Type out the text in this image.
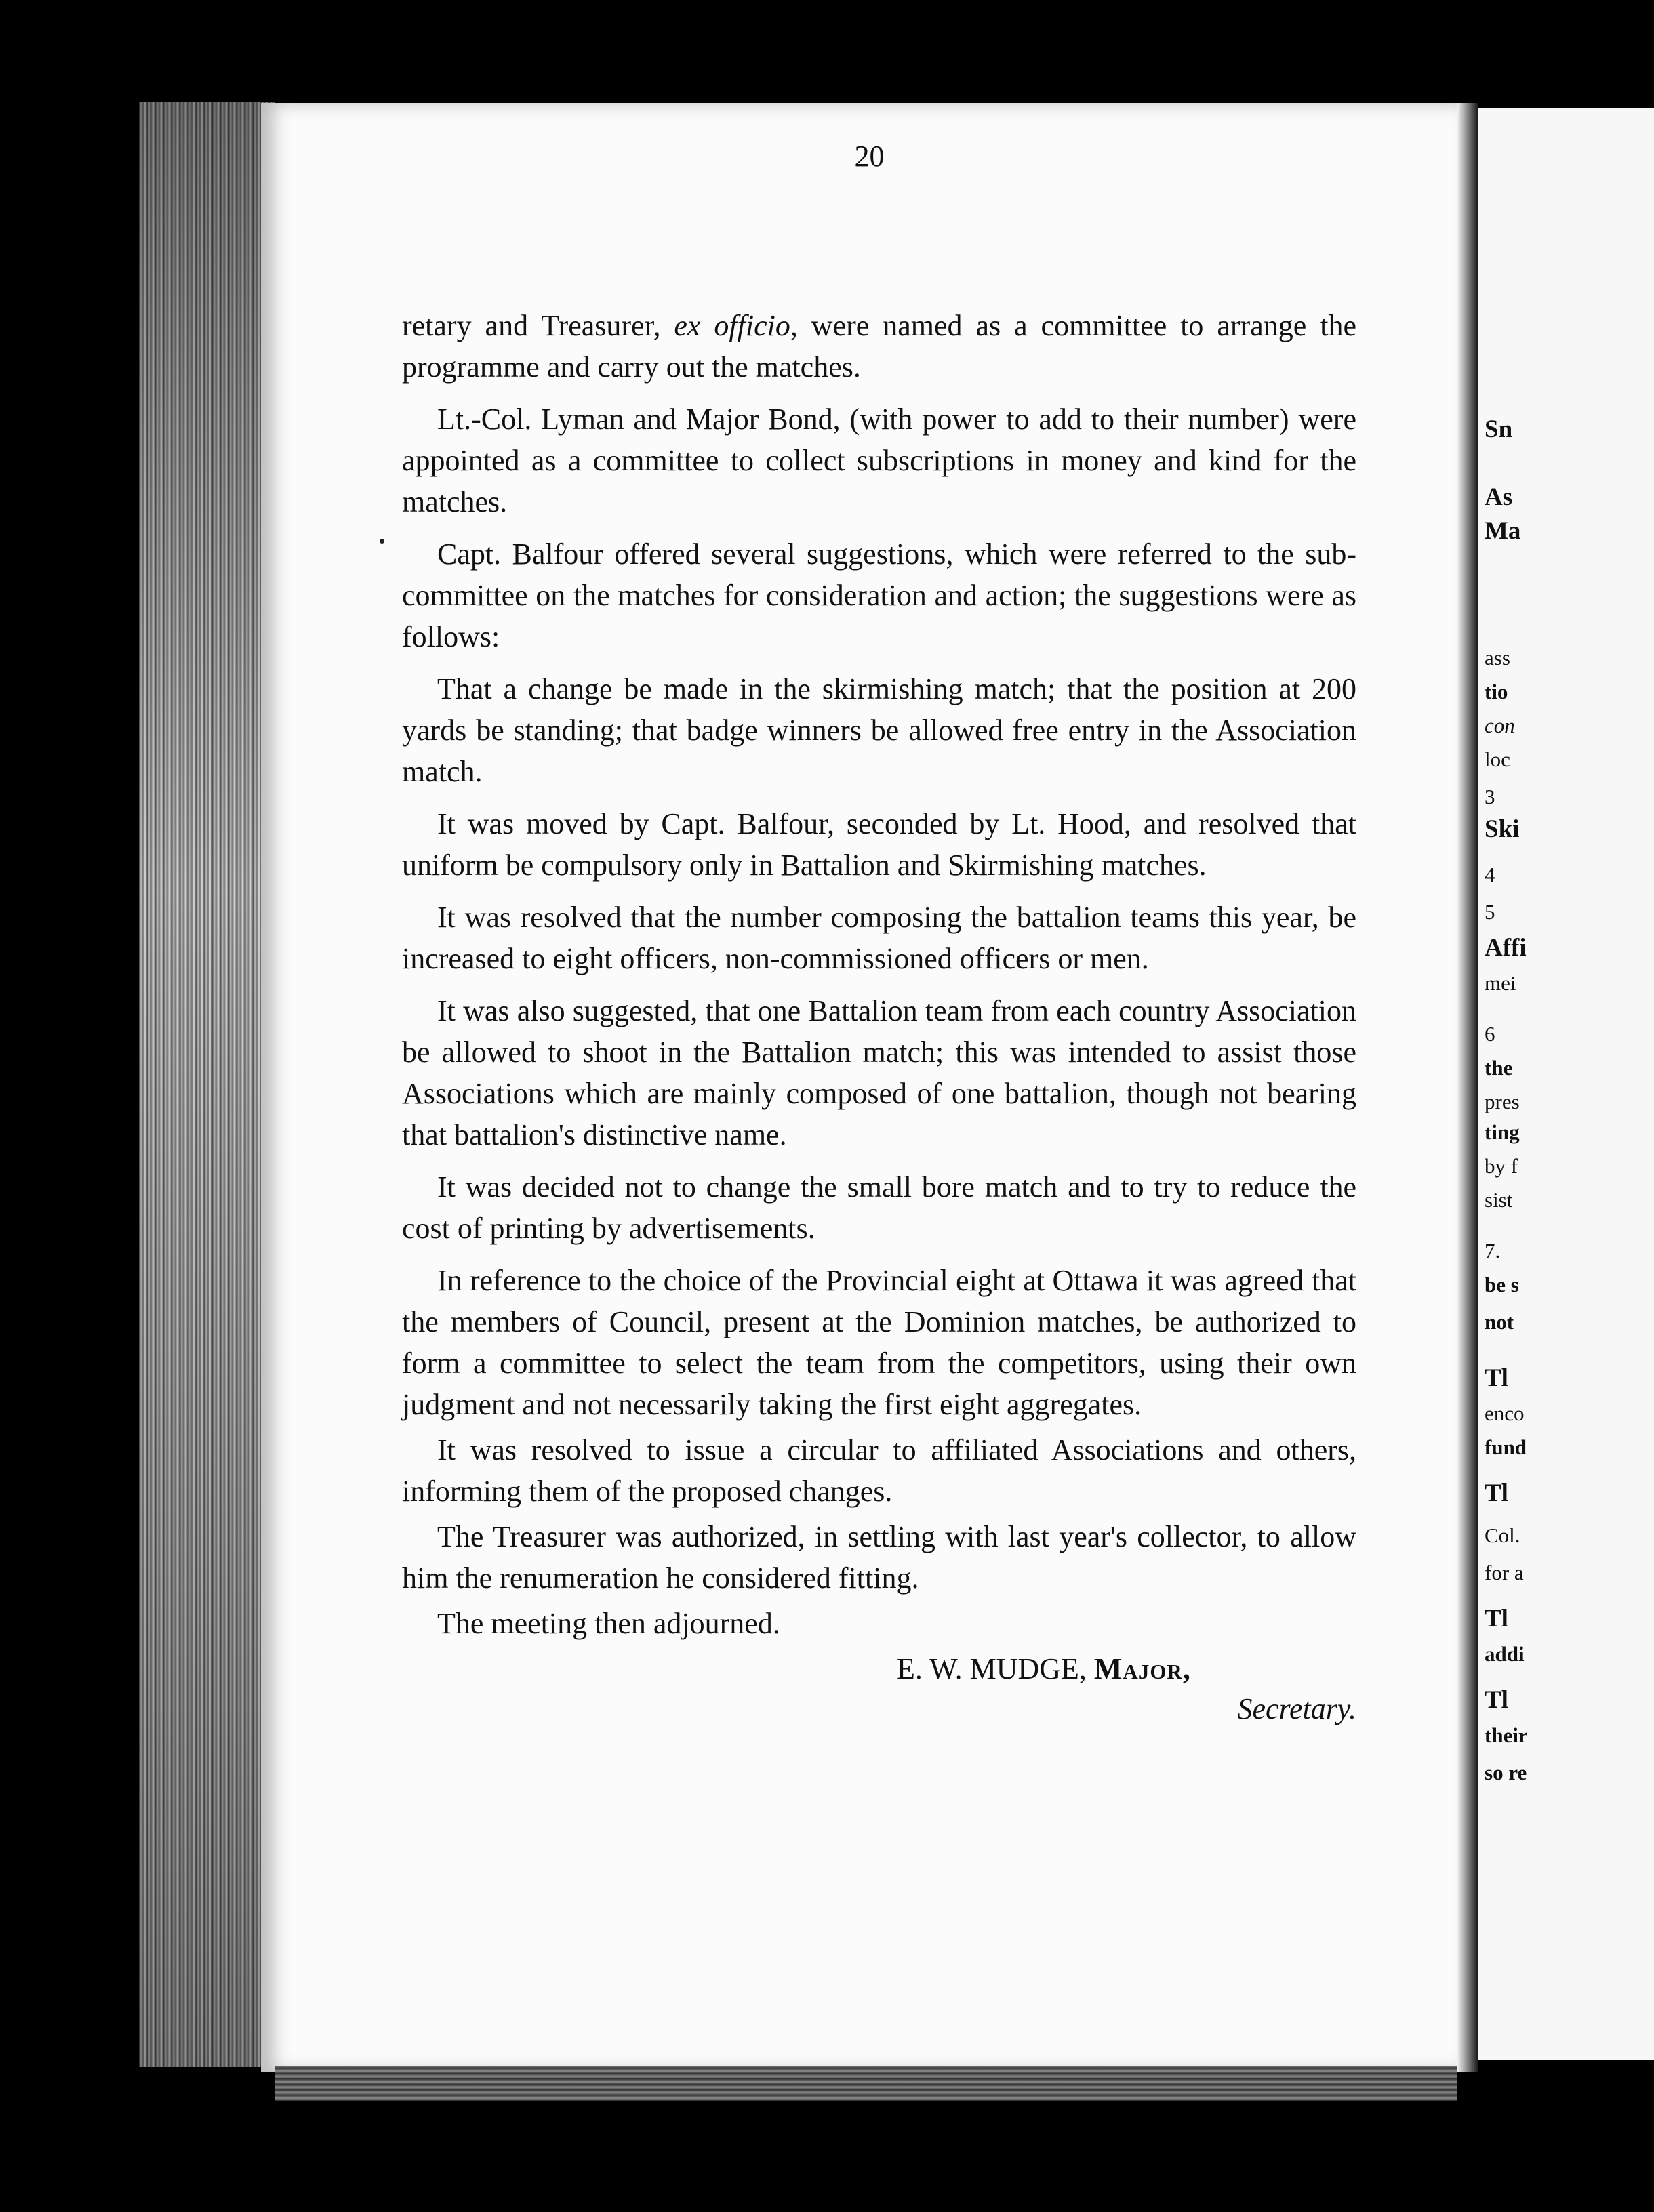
Sn
As
Ma
ass
tio
con
loc
3
Ski
4
5
Affi
mei
6
the
pres
ting
by f
sist
7.
be s
not
Tl
enco
fund
Tl
Col.
for a
Tl
addi
Tl
their
so re
20

retary and Treasurer, ex officio, were named as a committee to arrange the programme and carry out the matches.

Lt.-Col. Lyman and Major Bond, (with power to add to their number) were appointed as a committee to collect subscriptions in money and kind for the matches.

Capt. Balfour offered several suggestions, which were referred to the sub-committee on the matches for consideration and action; the suggestions were as follows:

That a change be made in the skirmishing match; that the position at 200 yards be standing; that badge winners be allowed free entry in the Association match.

It was moved by Capt. Balfour, seconded by Lt. Hood, and resolved that uniform be compulsory only in Battalion and Skirmishing matches.

It was resolved that the number composing the battalion teams this year, be increased to eight officers, non-commissioned officers or men.

It was also suggested, that one Battalion team from each country Association be allowed to shoot in the Battalion match; this was intended to assist those Associations which are mainly composed of one battalion, though not bearing that battalion's distinctive name.

It was decided not to change the small bore match and to try to reduce the cost of printing by advertisements.

In reference to the choice of the Provincial eight at Ottawa it was agreed that the members of Council, present at the Dominion matches, be authorized to form a committee to select the team from the competitors, using their own judgment and not necessarily taking the first eight aggregates.

It was resolved to issue a circular to affiliated Associations and others, informing them of the proposed changes.

The Treasurer was authorized, in settling with last year's collector, to allow him the renumeration he considered fitting.

The meeting then adjourned.

E. W. MUDGE, Major,
Secretary.
